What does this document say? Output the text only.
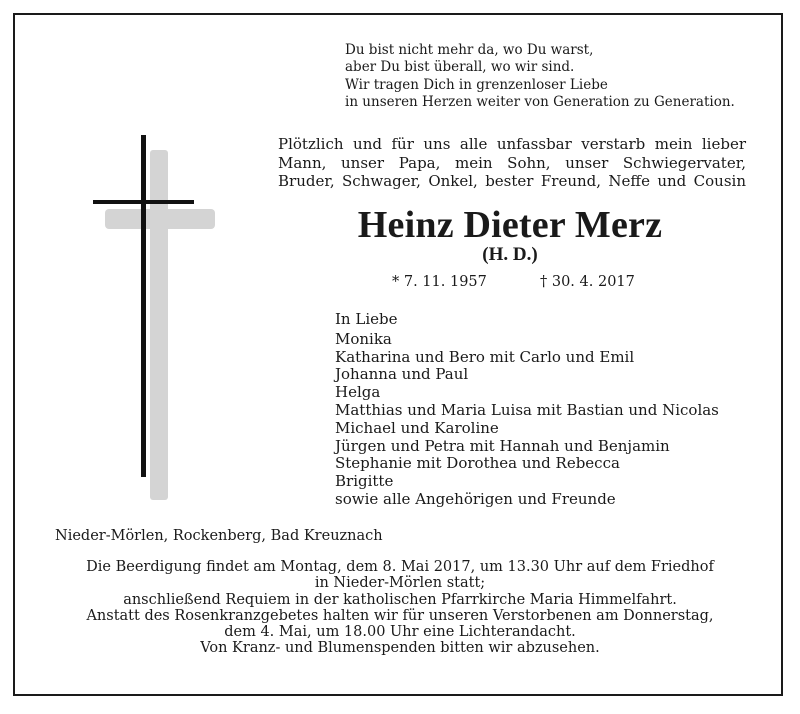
Du bist nicht mehr da, wo Du warst,
aber Du bist überall, wo wir sind.
Wir tragen Dich in grenzenloser Liebe
in unseren Herzen weiter von Generation zu Generation.
Plötzlich und für uns alle unfassbar verstarb mein lieber
Mann, unser Papa, mein Sohn, unser Schwiegervater,
Bruder, Schwager, Onkel, bester Freund, Neffe und Cousin
Heinz Dieter Merz
(H. D.)
* 7. 11. 1957	† 30. 4. 2017
In Liebe
Monika
Katharina und Bero mit Carlo und Emil
Johanna und Paul
Helga
Matthias und Maria Luisa mit Bastian und Nicolas
Michael und Karoline
Jürgen und Petra mit Hannah und Benjamin
Stephanie mit Dorothea und Rebecca
Brigitte
sowie alle Angehörigen und Freunde
Nieder-Mörlen, Rockenberg, Bad Kreuznach
Die Beerdigung findet am Montag, dem 8. Mai 2017, um 13.30 Uhr auf dem Friedhof
in Nieder-Mörlen statt;
anschließend Requiem in der katholischen Pfarrkirche Maria Himmelfahrt.
Anstatt des Rosenkranzgebetes halten wir für unseren Verstorbenen am Donnerstag,
dem 4. Mai, um 18.00 Uhr eine Lichterandacht.
Von Kranz- und Blumenspenden bitten wir abzusehen.
